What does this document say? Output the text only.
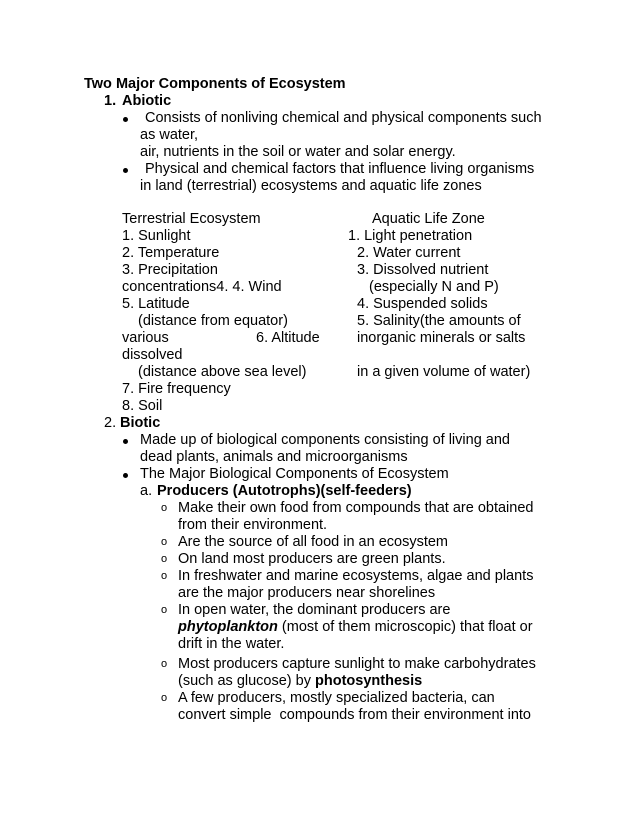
Two Major Components of Ecosystem
1. Abiotic
Consists of nonliving chemical and physical components such
as water,
air, nutrients in the soil or water and solar energy.
Physical and chemical factors that influence living organisms
in land (terrestrial) ecosystems and aquatic life zones
Terrestrial Ecosystem
1. Sunlight
2. Temperature
3. Precipitation
concentrations4. 4. Wind
5. Latitude
(distance from equator)
various	6. Altitude
dissolved
(distance above sea level)
7. Fire frequency
8. Soil
Aquatic Life Zone
1. Light penetration
2. Water current
3. Dissolved nutrient
(especially N and P)
4. Suspended solids
5. Salinity(the amounts of
inorganic minerals or salts
in a given volume of water)
2. Biotic
Made up of biological components consisting of living and
dead plants, animals and microorganisms
The Major Biological Components of Ecosystem
a. Producers (Autotrophs)(self-feeders)
o Make their own food from compounds that are obtained
from their environment.
o Are the source of all food in an ecosystem
o On land most producers are green plants.
o In freshwater and marine ecosystems, algae and plants
are the major producers near shorelines
o In open water, the dominant producers are
phytoplankton (most of them microscopic) that float or
drift in the water.
o Most producers capture sunlight to make carbohydrates
(such as glucose) by photosynthesis
o A few producers, mostly specialized bacteria, can
convert simple  compounds from their environment into
